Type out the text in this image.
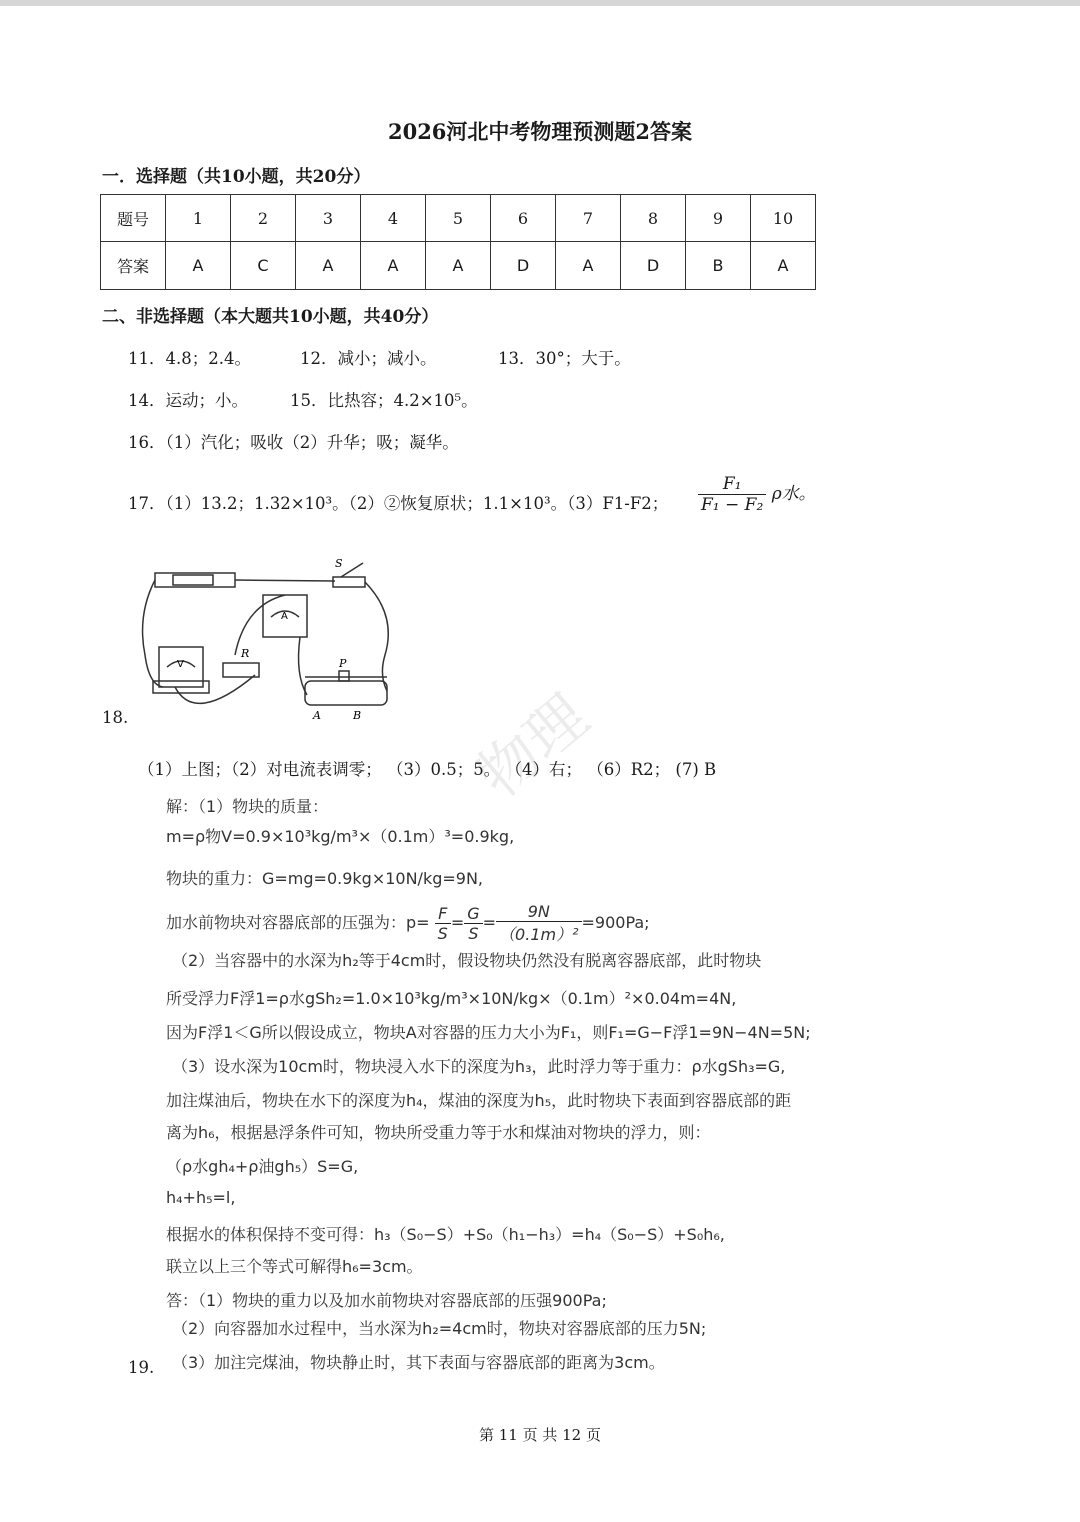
2026河北中考物理预测题2答案
一．选择题（共10小题，共20分）
题号	1	2	3	4	5	6	7	8	9	10
答案	A	C	A	A	A	D	A	D	B	A
二、非选择题（本大题共10小题，共40分）
11．4.8；2.4。	12．减小；减小。	13．30°；大于。
14．运动；小。	15．比热容；4.2×10⁵。
16．（1）汽化；吸收（2）升华；吸；凝华。
17．（1）13.2；1.32×10³。（2）②恢复原状；1.1×10³。（3）F1-F2； $\frac{\text{F₁}}{\text{F₁ − F₂}}$ ρ水。
S
R
P
A	B
V
A
18.	物理
（1）上图；（2）对电流表调零； （3）0.5；5。 （4）右； （6）R2； (7) B
解：（1）物块的质量：
m=ρ物V=0.9×10³kg/m³×（0.1m）³=0.9kg,
物块的重力：G=mg=0.9kg×10N/kg=9N,
加水前物块对容器底部的压强为：$p= \frac{F}{S} = \frac{G}{S} = \frac{9N}{\text{（0.1m）²}} =900Pa$;
（2）当容器中的水深为h₂等于4cm时，假设物块仍然没有脱离容器底部，此时物块
所受浮力F浮1=ρ水gSh₂=1.0×10³kg/m³×10N/kg×（0.1m）²×0.04m=4N,
因为F浮1＜G所以假设成立，物块A对容器的压力大小为F₁，则F₁=G−F浮1=9N−4N=5N;
（3）设水深为10cm时，物块浸入水下的深度为h₃，此时浮力等于重力：ρ水gSh₃=G,
加注煤油后，物块在水下的深度为h₄，煤油的深度为h₅，此时物块下表面到容器底部的距
离为h₆，根据悬浮条件可知，物块所受重力等于水和煤油对物块的浮力，则：
（ρ水gh₄+ρ油gh₅）S=G,
h₄+h₅=l,
根据水的体积保持不变可得：h₃（S₀−S）+S₀（h₁−h₃）=h₄（S₀−S）+S₀h₆,
联立以上三个等式可解得h₆=3cm。
答：（1）物块的重力以及加水前物块对容器底部的压强900Pa;
（2）向容器加水过程中，当水深为h₂=4cm时，物块对容器底部的压力5N;
（3）加注完煤油，物块静止时，其下表面与容器底部的距离为3cm。
19.
第 11 页 共 12 页
